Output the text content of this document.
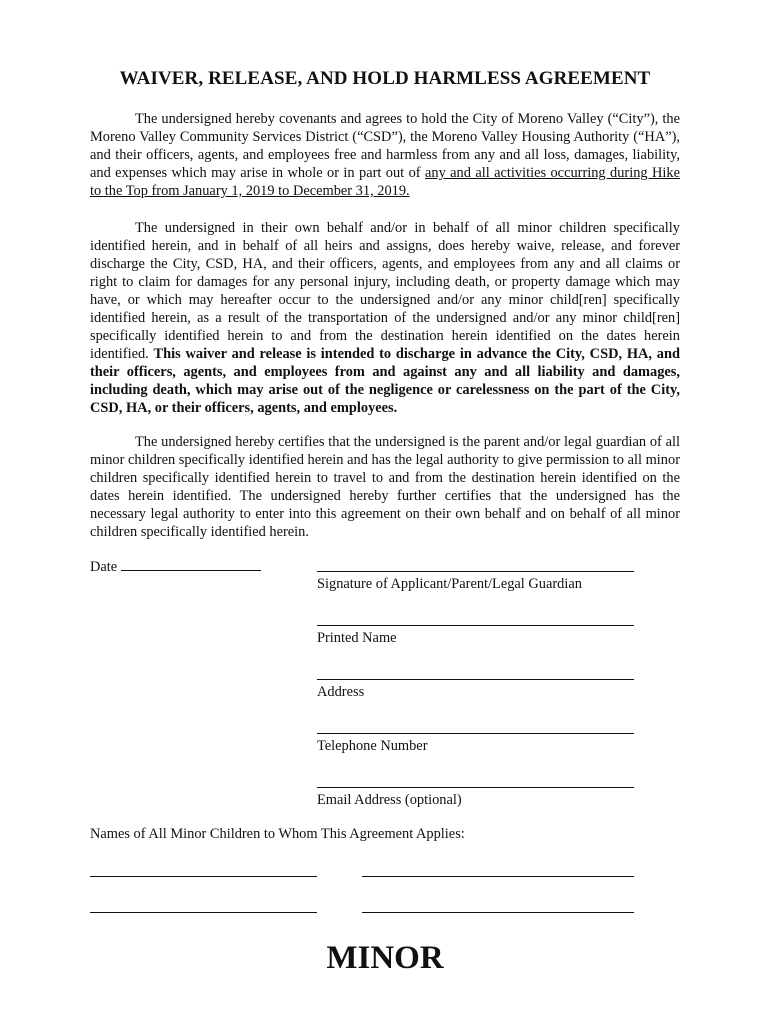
WAIVER, RELEASE, AND HOLD HARMLESS AGREEMENT

The undersigned hereby covenants and agrees to hold the City of Moreno Valley (“City”), the Moreno Valley Community Services District (“CSD”), the Moreno Valley Housing Authority (“HA”), and their officers, agents, and employees free and harmless from any and all loss, damages, liability, and expenses which may arise in whole or in part out of any and all activities occurring during Hike to the Top from January 1, 2019 to December 31, 2019.

The undersigned in their own behalf and/or in behalf of all minor children specifically identified herein, and in behalf of all heirs and assigns, does hereby waive, release, and forever discharge the City, CSD, HA, and their officers, agents, and employees from any and all claims or right to claim for damages for any personal injury, including death, or property damage which may have, or which may hereafter occur to the undersigned and/or any minor child[ren] specifically identified herein, as a result of the transportation of the undersigned and/or any minor child[ren] specifically identified herein to and from the destination herein identified on the dates herein identified. This waiver and release is intended to discharge in advance the City, CSD, HA, and their officers, agents, and employees from and against any and all liability and damages, including death, which may arise out of the negligence or carelessness on the part of the City, CSD, HA, or their officers, agents, and employees.

The undersigned hereby certifies that the undersigned is the parent and/or legal guardian of all minor children specifically identified herein and has the legal authority to give permission to all minor children specifically identified herein to travel to and from the destination herein identified on the dates herein identified. The undersigned hereby further certifies that the undersigned has the necessary legal authority to enter into this agreement on their own behalf and on behalf of all minor children specifically identified herein.

Date
Signature of Applicant/Parent/Legal Guardian
Printed Name
Address
Telephone Number
Email Address (optional)
Names of All Minor Children to Whom This Agreement Applies:
MINOR
